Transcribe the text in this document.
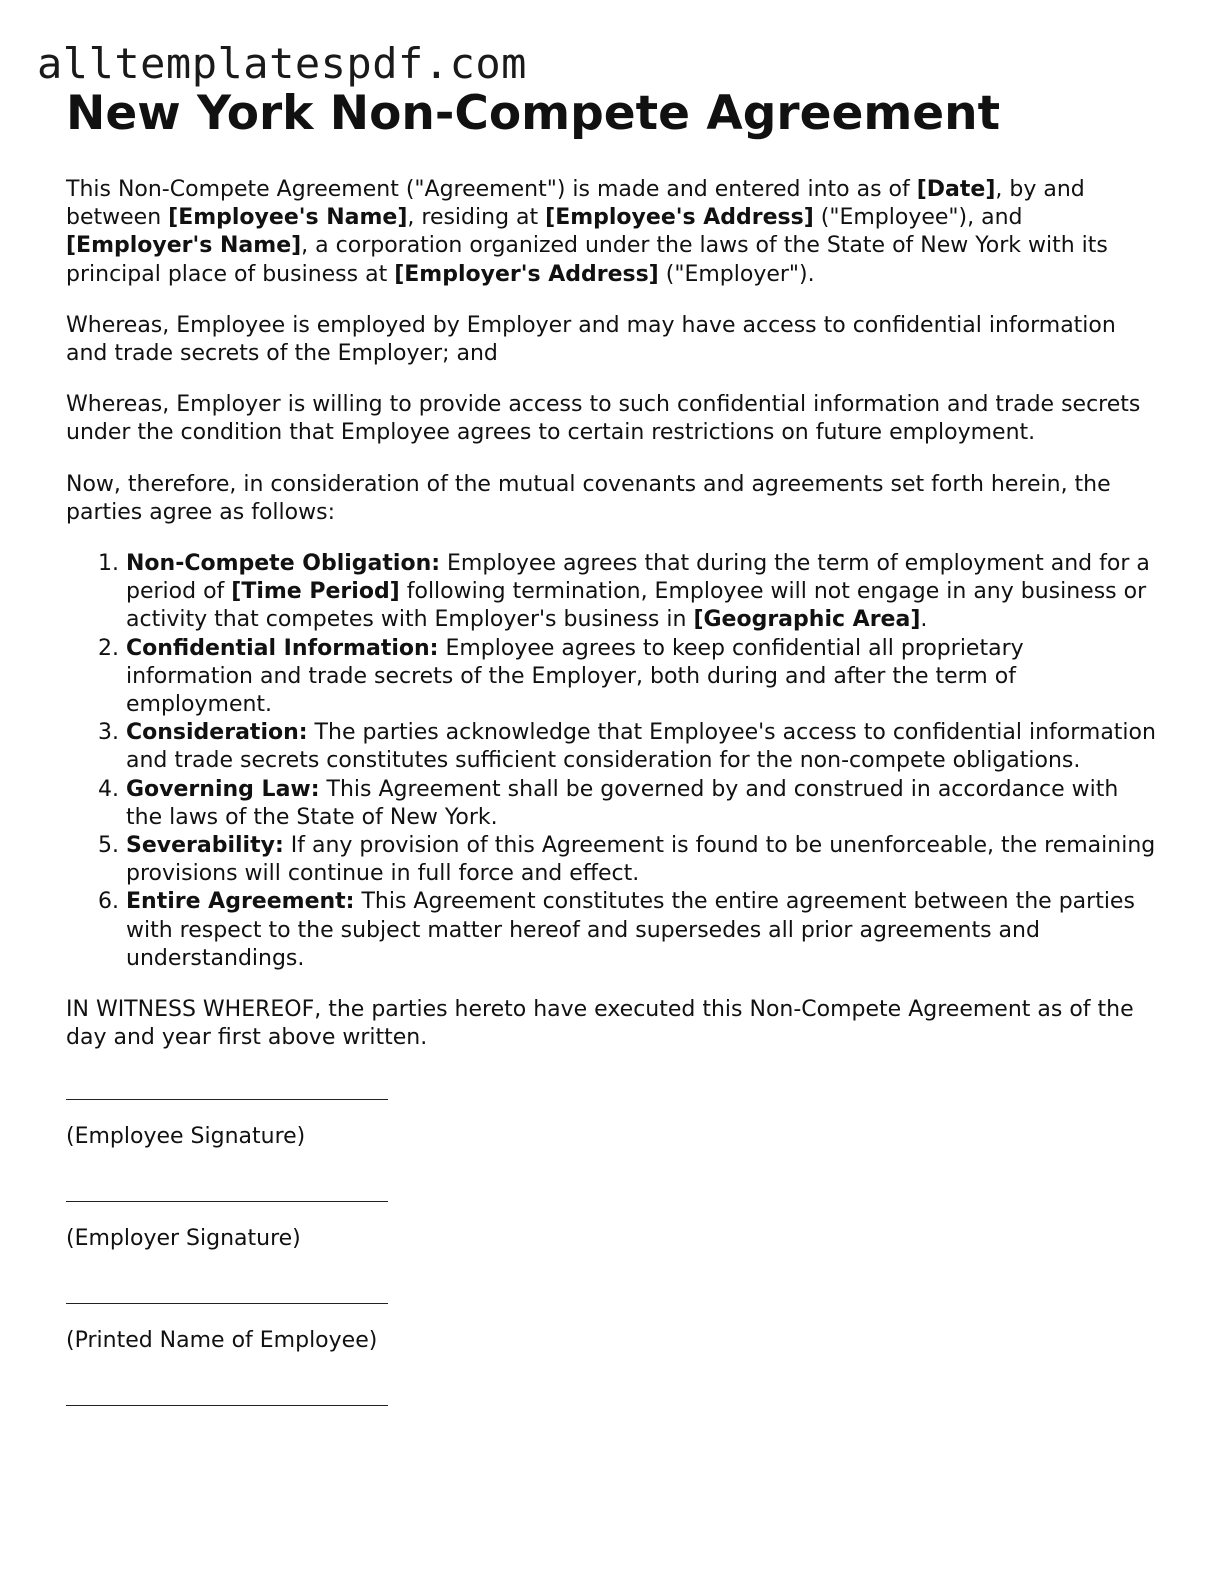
alltemplatespdf.com
New York Non-Compete Agreement

This Non-Compete Agreement ("Agreement") is made and entered into as of [Date], by and between [Employee's Name], residing at [Employee's Address] ("Employee"), and [Employer's Name], a corporation organized under the laws of the State of New York with its principal place of business at [Employer's Address] ("Employer").

Whereas, Employee is employed by Employer and may have access to confidential information and trade secrets of the Employer; and

Whereas, Employer is willing to provide access to such confidential information and trade secrets under the condition that Employee agrees to certain restrictions on future employment.

Now, therefore, in consideration of the mutual covenants and agreements set forth herein, the parties agree as follows:

1. Non-Compete Obligation: Employee agrees that during the term of employment and for a period of [Time Period] following termination, Employee will not engage in any business or activity that competes with Employer's business in [Geographic Area].
2. Confidential Information: Employee agrees to keep confidential all proprietary information and trade secrets of the Employer, both during and after the term of employment.
3. Consideration: The parties acknowledge that Employee's access to confidential information and trade secrets constitutes sufficient consideration for the non-compete obligations.
4. Governing Law: This Agreement shall be governed by and construed in accordance with the laws of the State of New York.
5. Severability: If any provision of this Agreement is found to be unenforceable, the remaining provisions will continue in full force and effect.
6. Entire Agreement: This Agreement constitutes the entire agreement between the parties with respect to the subject matter hereof and supersedes all prior agreements and understandings.

IN WITNESS WHEREOF, the parties hereto have executed this Non-Compete Agreement as of the day and year first above written.

(Employee Signature)
(Employer Signature)
(Printed Name of Employee)
